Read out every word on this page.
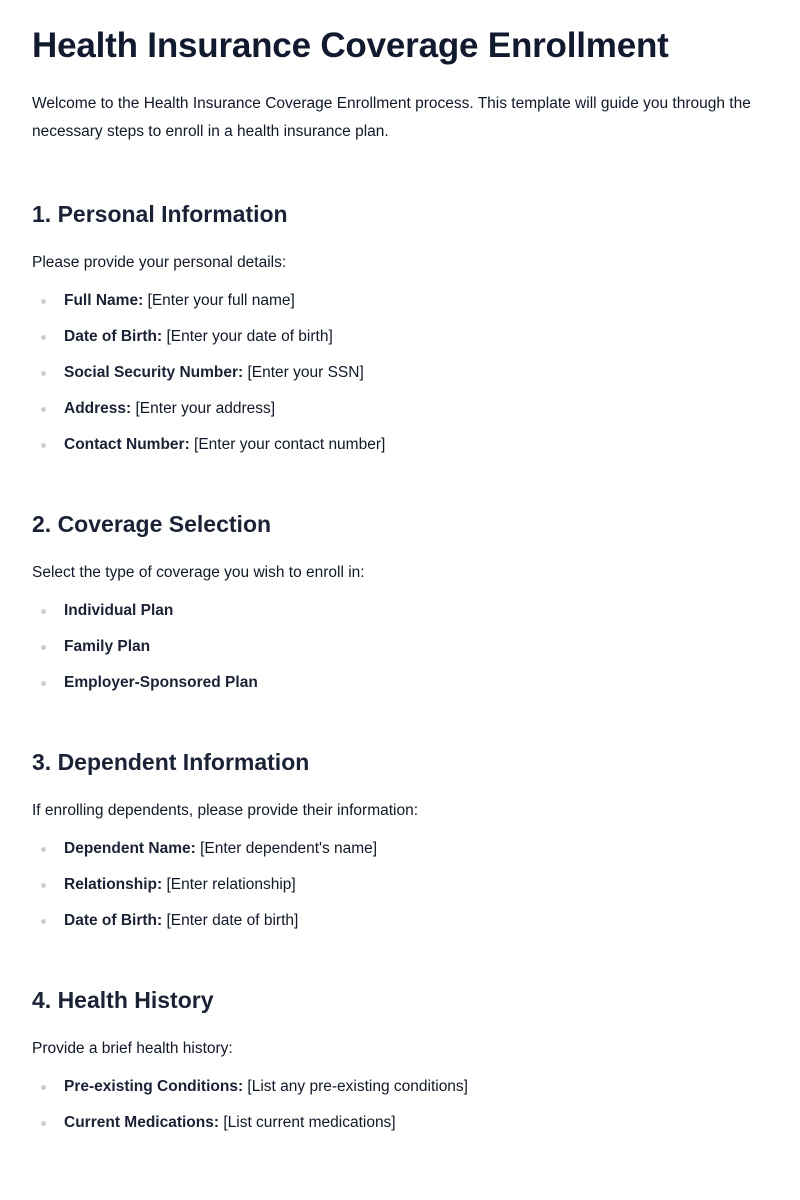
Health Insurance Coverage Enrollment

Welcome to the Health Insurance Coverage Enrollment process. This template will guide you through the necessary steps to enroll in a health insurance plan.

1. Personal Information

Please provide your personal details:

Full Name: [Enter your full name]
Date of Birth: [Enter your date of birth]
Social Security Number: [Enter your SSN]
Address: [Enter your address]
Contact Number: [Enter your contact number]
2. Coverage Selection

Select the type of coverage you wish to enroll in:

Individual Plan
Family Plan
Employer-Sponsored Plan
3. Dependent Information

If enrolling dependents, please provide their information:

Dependent Name: [Enter dependent's name]
Relationship: [Enter relationship]
Date of Birth: [Enter date of birth]
4. Health History

Provide a brief health history:

Pre-existing Conditions: [List any pre-existing conditions]
Current Medications: [List current medications]
